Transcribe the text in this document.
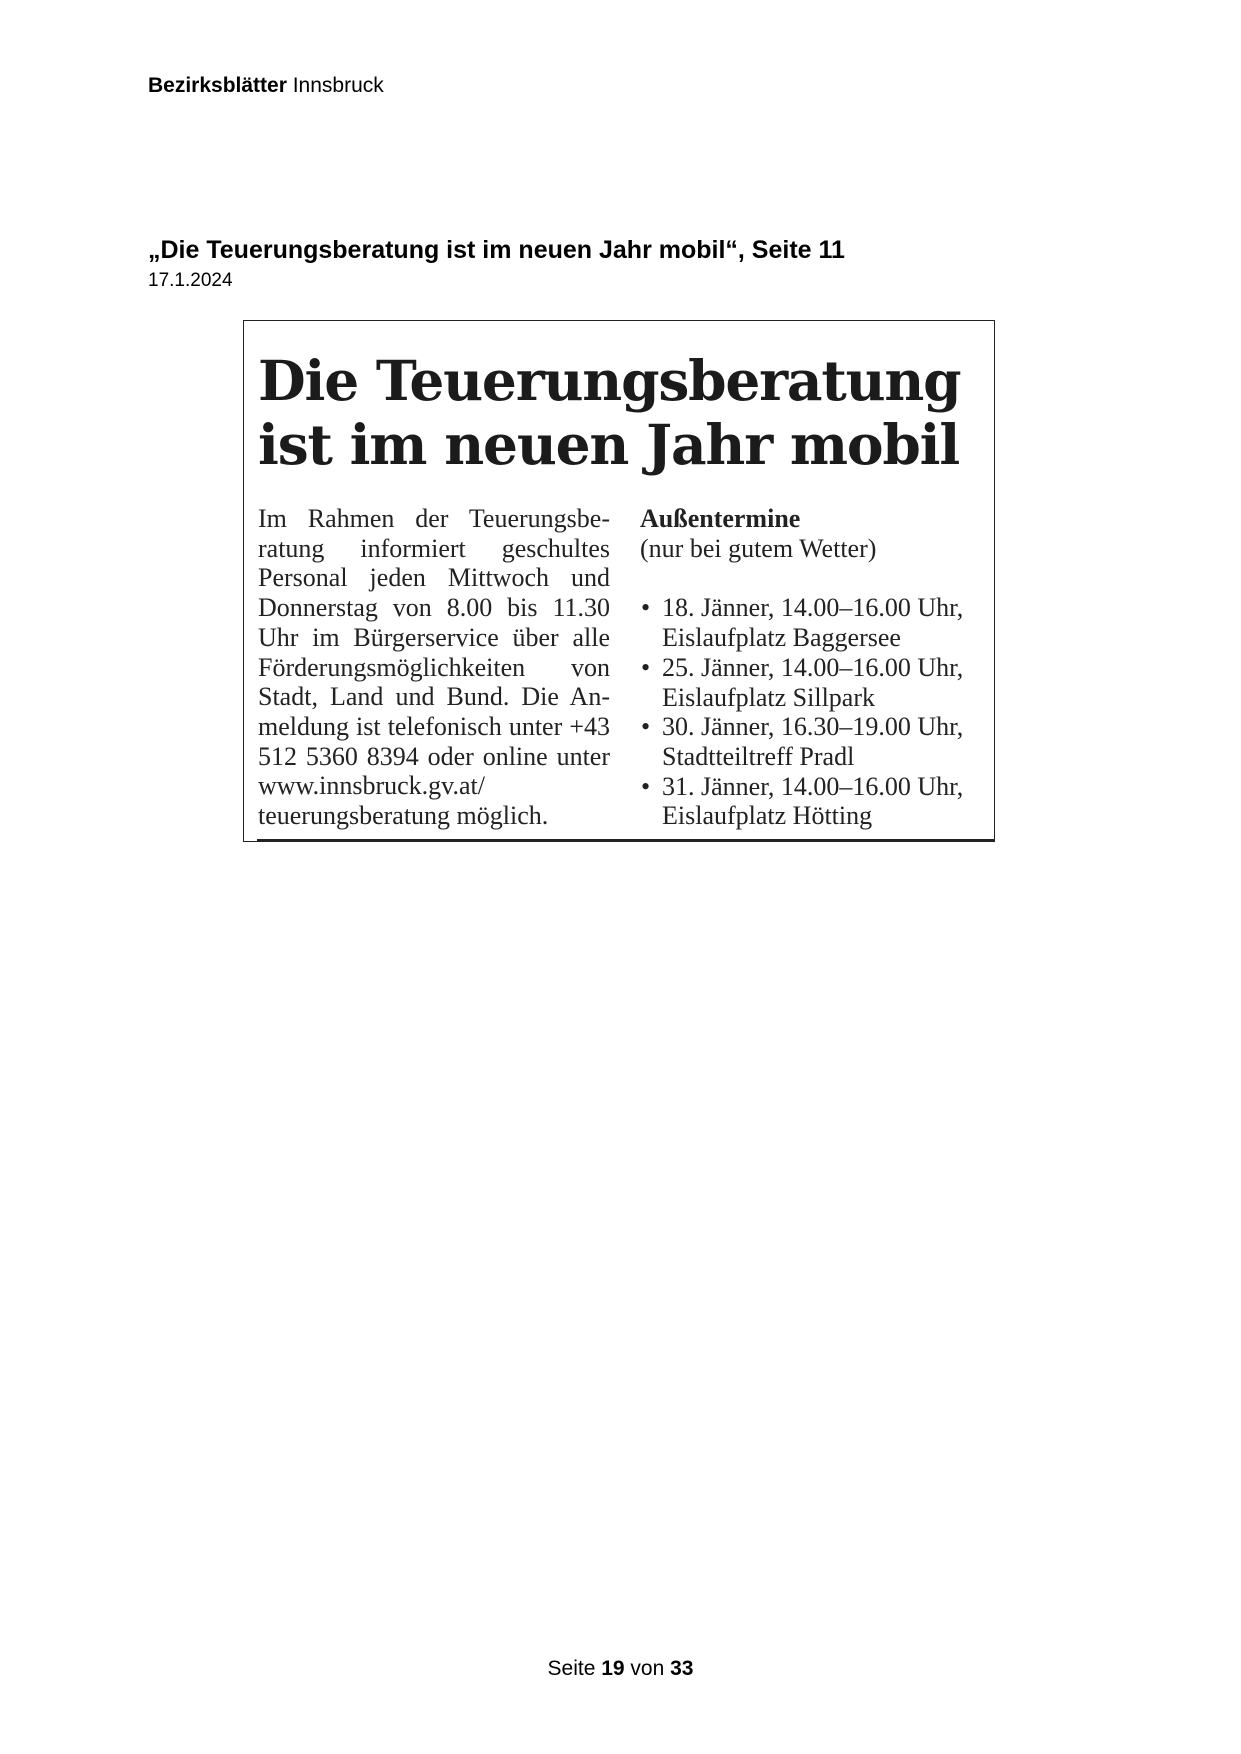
Bezirksblätter Innsbruck
„Die Teuerungsberatung ist im neuen Jahr mobil“, Seite 11
17.1.2024
Die Teuerungsberatung
ist im neuen Jahr mobil
Im Rahmen der Teuerungsberatung informiert geschultes Personal jeden Mittwoch und Donnerstag von 8.00 bis 11.30 Uhr im Bürgerservice über alle Förderungsmöglichkeiten von Stadt, Land und Bund. Die Anmeldung ist telefonisch unter +43 512 5360 8394 oder online unter www.innsbruck.gv.at/ teuerungsberatung möglich.
Außentermine
(nur bei gutem Wetter)
• 18. Jänner, 14.00–16.00 Uhr,
Eislaufplatz Baggersee
• 25. Jänner, 14.00–16.00 Uhr,
Eislaufplatz Sillpark
• 30. Jänner, 16.30–19.00 Uhr,
Stadtteiltreff Pradl
• 31. Jänner, 14.00–16.00 Uhr,
Eislaufplatz Hötting
Seite 19 von 33
